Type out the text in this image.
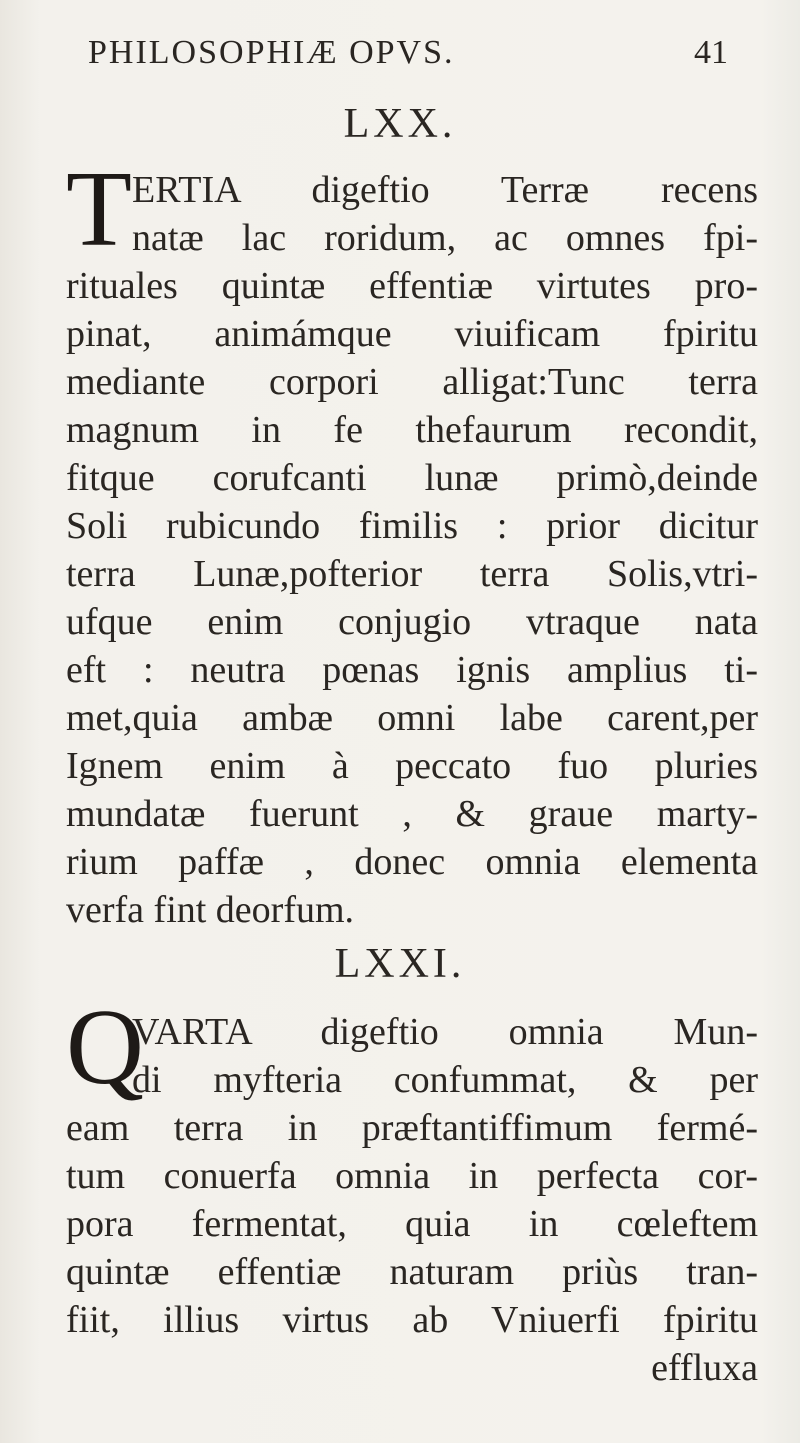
PHILOSOPHIÆ OPVS.	41
LXX.
T ERTIA digeftio Terræ recens
natæ lac roridum, ac omnes fpi-
rituales quintæ effentiæ virtutes pro-
pinat, animámque viuificam fpiritu
mediante corpori alligat:Tunc terra
magnum in fe thefaurum recondit,
fitque corufcanti lunæ primò,deinde
Soli rubicundo fimilis : prior dicitur
terra Lunæ,pofterior terra Solis,vtri-
ufque enim conjugio vtraque nata
eft : neutra pœnas ignis amplius ti-
met,quia ambæ omni labe carent,per
Ignem enim à peccato fuo pluries
mundatæ fuerunt , & graue marty-
rium paffæ , donec omnia elementa
verfa fint deorfum.
LXXI.
Q
VARTA digeftio omnia Mun-
di myfteria confummat, & per
eam terra in præftantiffimum fermé-
tum conuerfa omnia in perfecta cor-
pora fermentat, quia in cœleftem
quintæ effentiæ naturam priùs tran-
fiit, illius virtus ab Vniuerfi fpiritu
effluxa
